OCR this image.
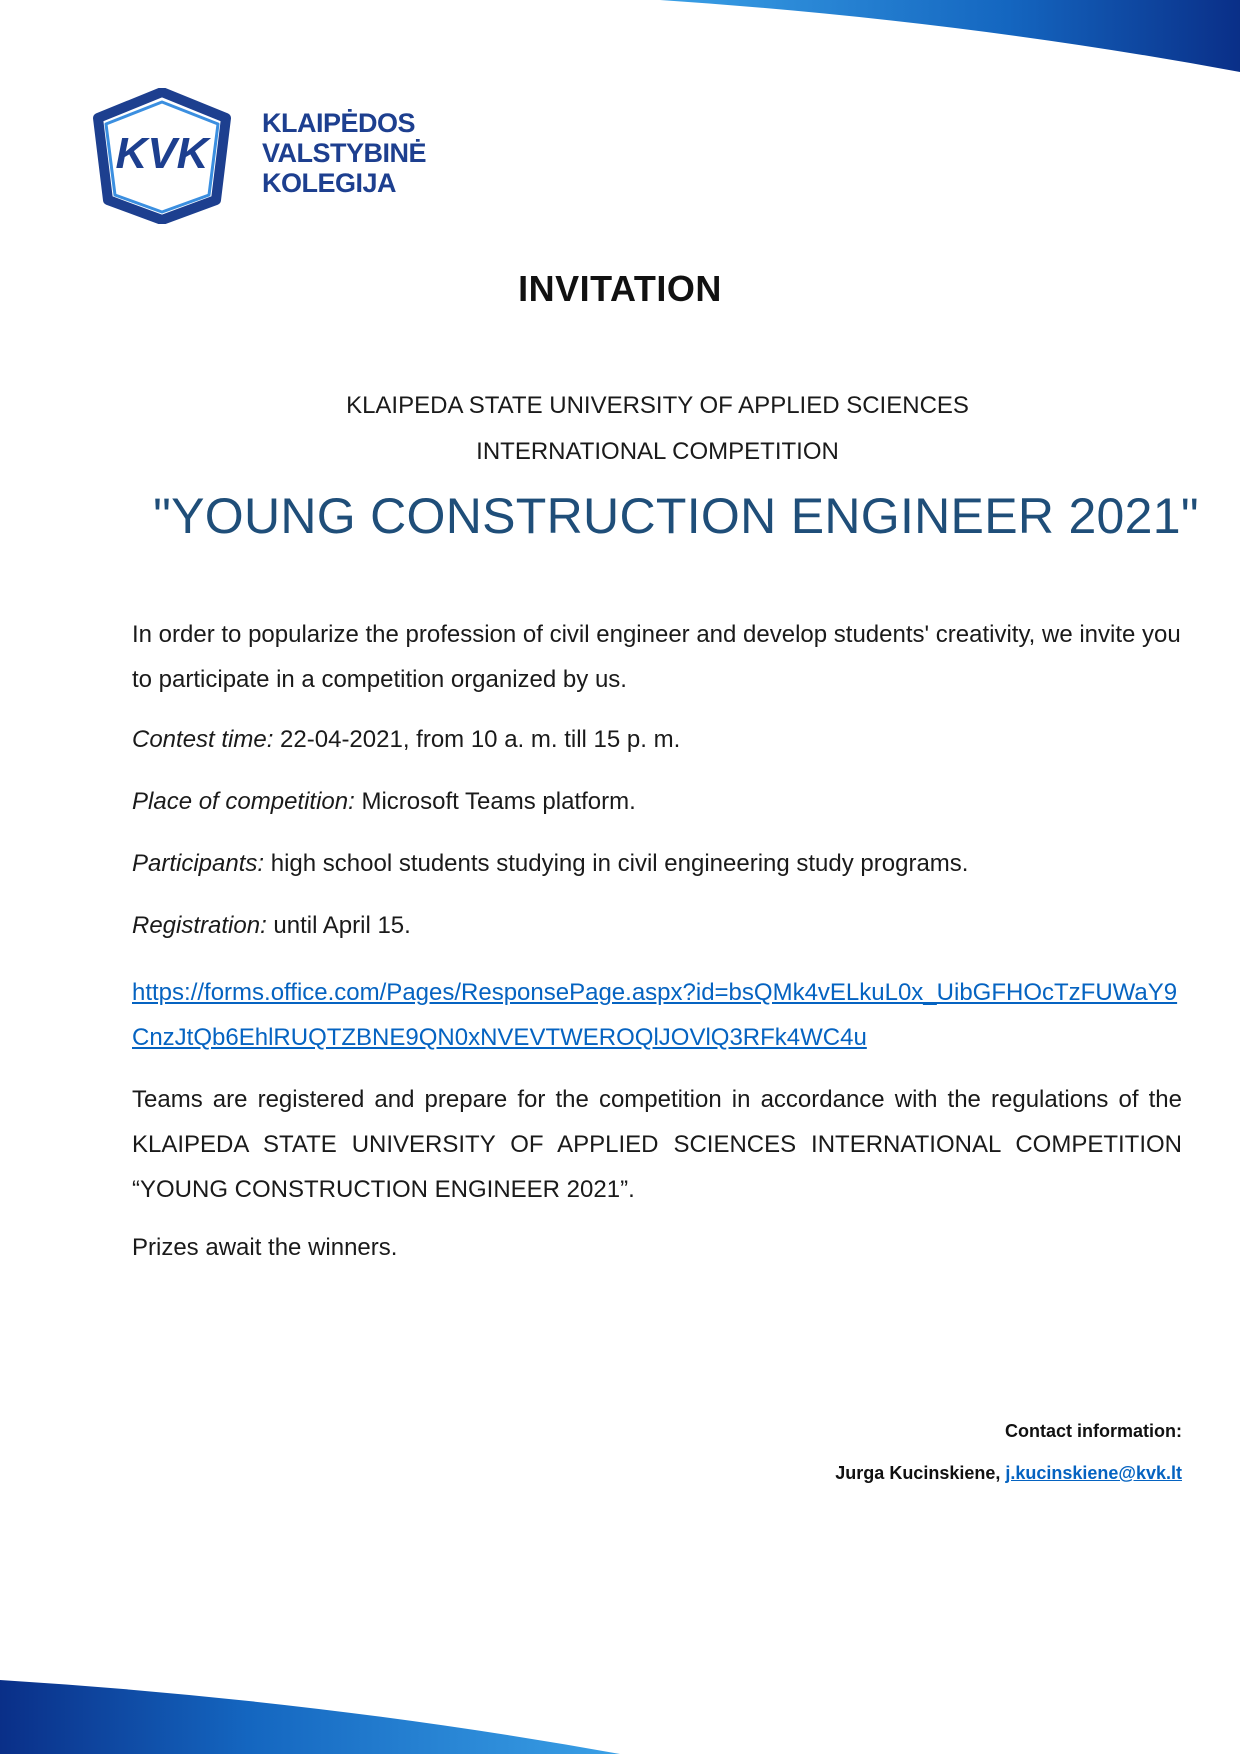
KVK
KLAIPĖDOS
VALSTYBINĖ
KOLEGIJA
INVITATION
KLAIPEDA STATE UNIVERSITY OF APPLIED SCIENCES
INTERNATIONAL COMPETITION
"YOUNG CONSTRUCTION ENGINEER 2021"
In order to popularize the profession of civil engineer and develop students' creativity, we invite you to participate in a competition organized by us.
Contest time: 22-04-2021, from 10 a. m. till 15 p. m.
Place of competition: Microsoft Teams platform.
Participants: high school students studying in civil engineering study programs.
Registration: until April 15.
https://forms.office.com/Pages/ResponsePage.aspx?id=bsQMk4vELkuL0x_UibGFHOcTzFUWaY9CnzJtQb6EhlRUQTZBNE9QN0xNVEVTWEROQlJOVlQ3RFk4WC4u
Teams are registered and prepare for the competition in accordance with the regulations of the KLAIPEDA STATE UNIVERSITY OF APPLIED SCIENCES INTERNATIONAL COMPETITION “YOUNG CONSTRUCTION ENGINEER 2021”.
Prizes await the winners.
Contact information:
Jurga Kucinskiene, j.kucinskiene@kvk.lt
